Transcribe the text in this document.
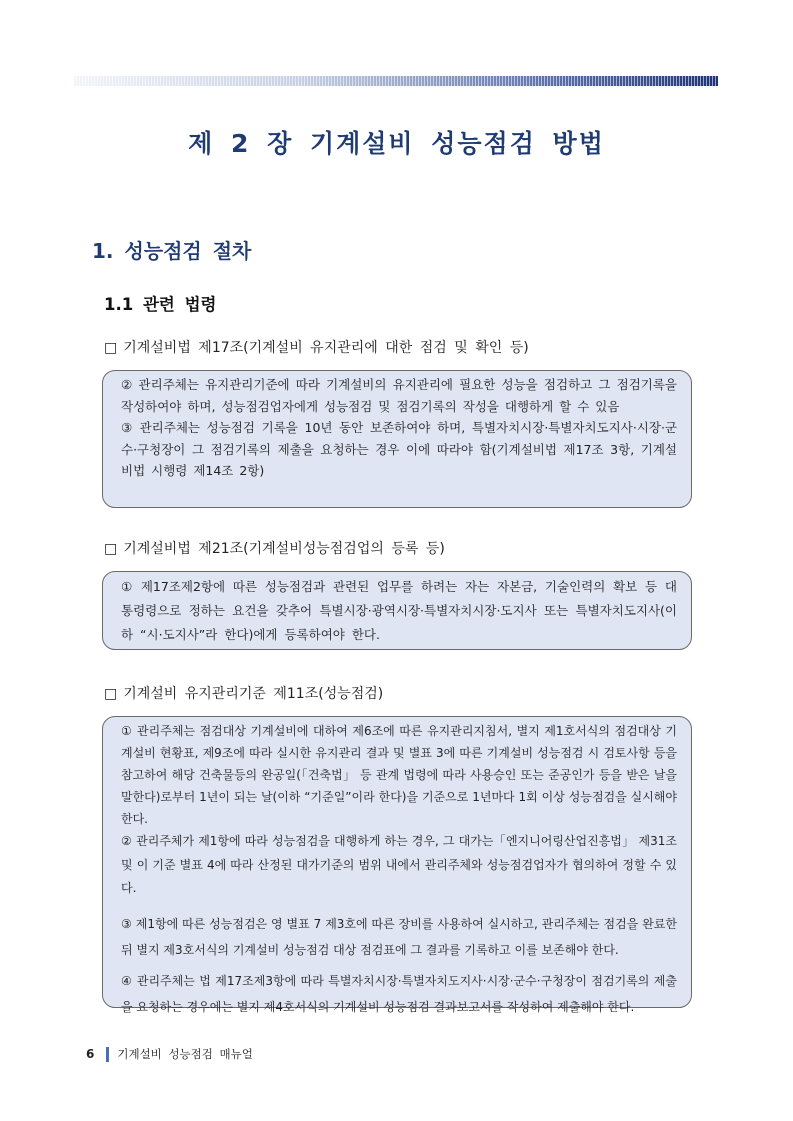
제 2 장 기계설비 성능점검 방법
1. 성능점검 절차
1.1 관련 법령
□ 기계설비법 제17조(기계설비 유지관리에 대한 점검 및 확인 등)

② 관리주체는 유지관리기준에 따라 기계설비의 유지관리에 필요한 성능을 점검하고 그 점검기록을 작성하여야 하며, 성능점검업자에게 성능점검 및 점검기록의 작성을 대행하게 할 수 있음

③ 관리주체는 성능점검 기록을 10년 동안 보존하여야 하며, 특별자치시장·특별자치도지사·시장·군수·구청장이 그 점검기록의 제출을 요청하는 경우 이에 따라야 함(기계설비법 제17조 3항, 기계설비법 시행령 제14조 2항)

□ 기계설비법 제21조(기계설비성능점검업의 등록 등)

① 제17조제2항에 따른 성능점검과 관련된 업무를 하려는 자는 자본금, 기술인력의 확보 등 대통령령으로 정하는 요건을 갖추어 특별시장·광역시장·특별자치시장·도지사 또는 특별자치도지사(이하 “시·도지사”라 한다)에게 등록하여야 한다.

□ 기계설비 유지관리기준 제11조(성능점검)

① 관리주체는 점검대상 기계설비에 대하여 제6조에 따른 유지관리지침서, 별지 제1호서식의 점검대상 기계설비 현황표, 제9조에 따라 실시한 유지관리 결과 및 별표 3에 따른 기계설비 성능점검 시 검토사항 등을 참고하여 해당 건축물등의 완공일(「건축법」 등 관계 법령에 따라 사용승인 또는 준공인가 등을 받은 날을 말한다)로부터 1년이 되는 날(이하 “기준일”이라 한다)을 기준으로 1년마다 1회 이상 성능점검을 실시해야 한다.

② 관리주체가 제1항에 따라 성능점검을 대행하게 하는 경우, 그 대가는「엔지니어링산업진흥법」 제31조 및 이 기준 별표 4에 따라 산정된 대가기준의 범위 내에서 관리주체와 성능점검업자가 협의하여 정할 수 있다.

③ 제1항에 따른 성능점검은 영 별표 7 제3호에 따른 장비를 사용하여 실시하고, 관리주체는 점검을 완료한 뒤 별지 제3호서식의 기계설비 성능점검 대상 점검표에 그 결과를 기록하고 이를 보존해야 한다.

④ 관리주체는 법 제17조제3항에 따라 특별자치시장·특별자치도지사·시장·군수·구청장이 점검기록의 제출을 요청하는 경우에는 별지 제4호서식의 기계설비 성능점검 결과보고서를 작성하여 제출해야 한다.

6 기계설비 성능점검 매뉴얼
